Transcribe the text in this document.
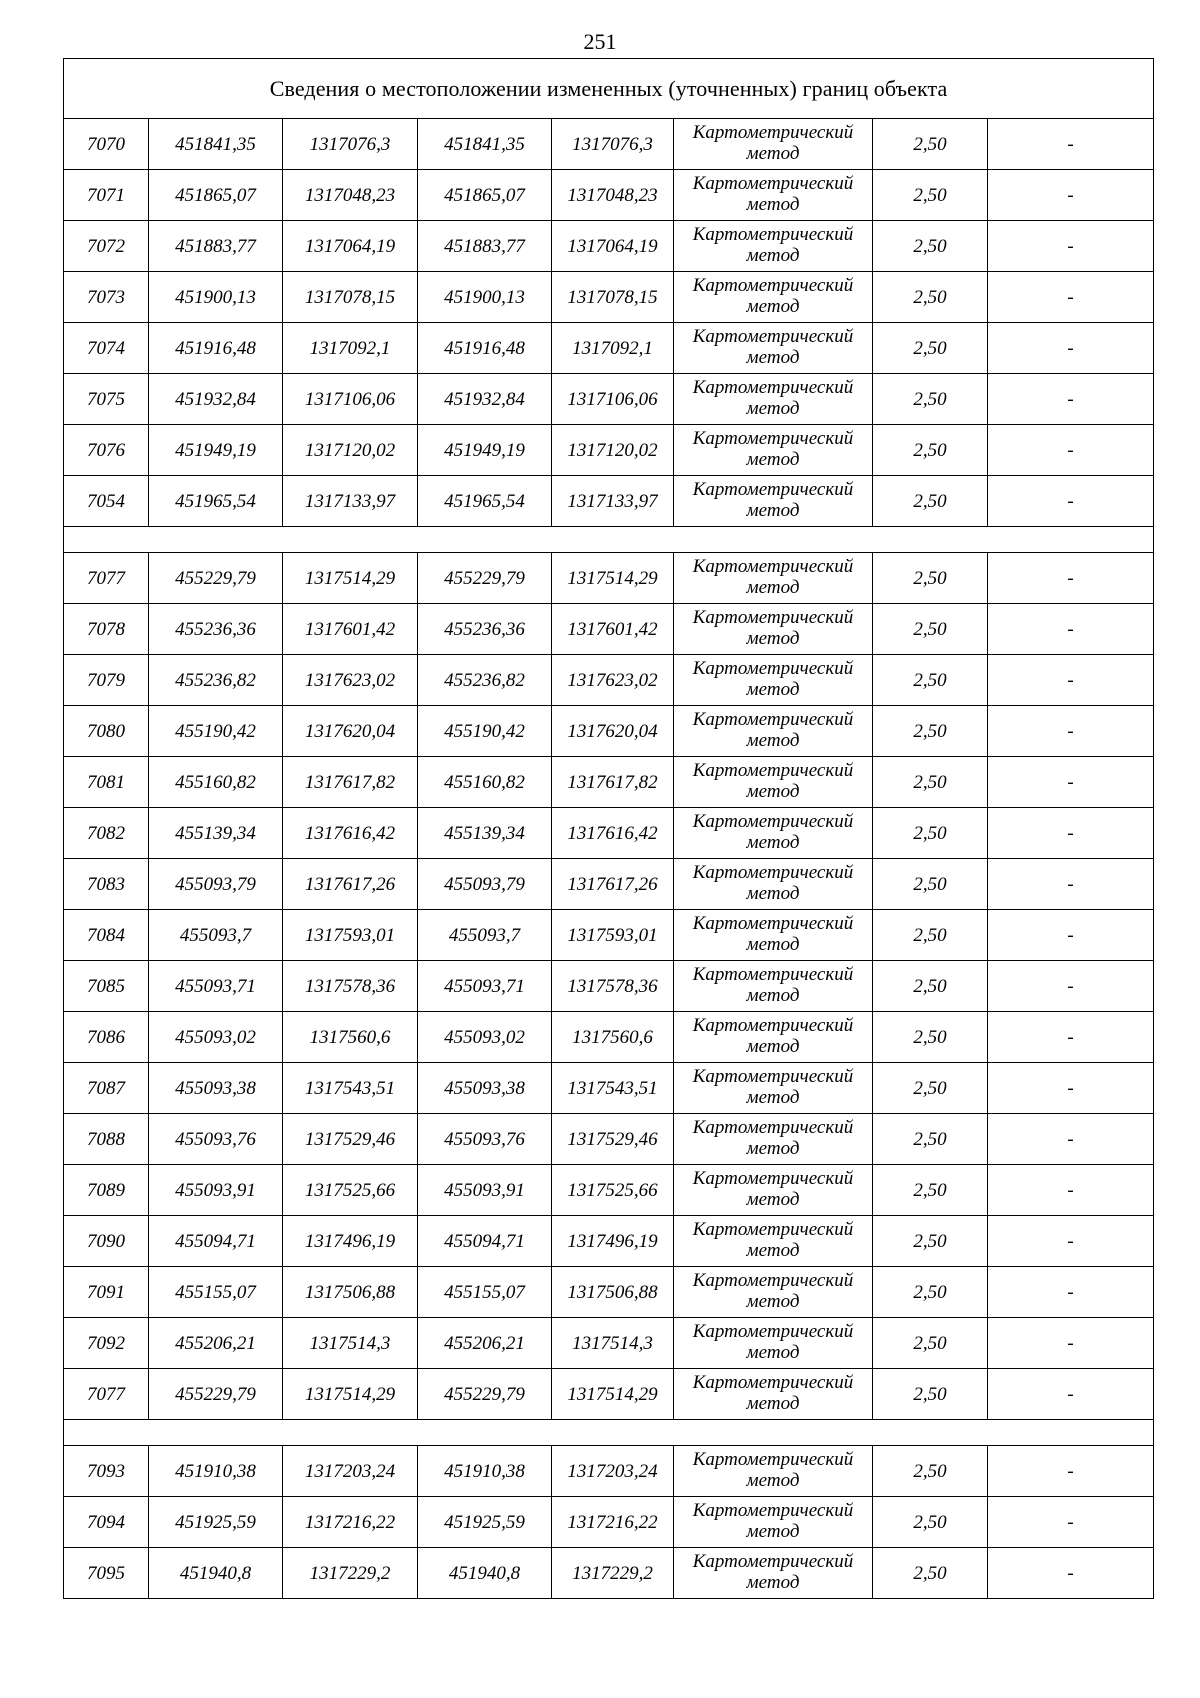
251
Сведения о местоположении измененных (уточненных) границ объекта							
7070	451841,35	1317076,3	451841,35	1317076,3	Картометрический метод	2,50	-
7071	451865,07	1317048,23	451865,07	1317048,23	Картометрический метод	2,50	-
7072	451883,77	1317064,19	451883,77	1317064,19	Картометрический метод	2,50	-
7073	451900,13	1317078,15	451900,13	1317078,15	Картометрический метод	2,50	-
7074	451916,48	1317092,1	451916,48	1317092,1	Картометрический метод	2,50	-
7075	451932,84	1317106,06	451932,84	1317106,06	Картометрический метод	2,50	-
7076	451949,19	1317120,02	451949,19	1317120,02	Картометрический метод	2,50	-
7054	451965,54	1317133,97	451965,54	1317133,97	Картометрический метод	2,50	-

7077	455229,79	1317514,29	455229,79	1317514,29	Картометрический метод	2,50	-
7078	455236,36	1317601,42	455236,36	1317601,42	Картометрический метод	2,50	-
7079	455236,82	1317623,02	455236,82	1317623,02	Картометрический метод	2,50	-
7080	455190,42	1317620,04	455190,42	1317620,04	Картометрический метод	2,50	-
7081	455160,82	1317617,82	455160,82	1317617,82	Картометрический метод	2,50	-
7082	455139,34	1317616,42	455139,34	1317616,42	Картометрический метод	2,50	-
7083	455093,79	1317617,26	455093,79	1317617,26	Картометрический метод	2,50	-
7084	455093,7	1317593,01	455093,7	1317593,01	Картометрический метод	2,50	-
7085	455093,71	1317578,36	455093,71	1317578,36	Картометрический метод	2,50	-
7086	455093,02	1317560,6	455093,02	1317560,6	Картометрический метод	2,50	-
7087	455093,38	1317543,51	455093,38	1317543,51	Картометрический метод	2,50	-
7088	455093,76	1317529,46	455093,76	1317529,46	Картометрический метод	2,50	-
7089	455093,91	1317525,66	455093,91	1317525,66	Картометрический метод	2,50	-
7090	455094,71	1317496,19	455094,71	1317496,19	Картометрический метод	2,50	-
7091	455155,07	1317506,88	455155,07	1317506,88	Картометрический метод	2,50	-
7092	455206,21	1317514,3	455206,21	1317514,3	Картометрический метод	2,50	-
7077	455229,79	1317514,29	455229,79	1317514,29	Картометрический метод	2,50	-

7093	451910,38	1317203,24	451910,38	1317203,24	Картометрический метод	2,50	-
7094	451925,59	1317216,22	451925,59	1317216,22	Картометрический метод	2,50	-
7095	451940,8	1317229,2	451940,8	1317229,2	Картометрический метод	2,50	-
